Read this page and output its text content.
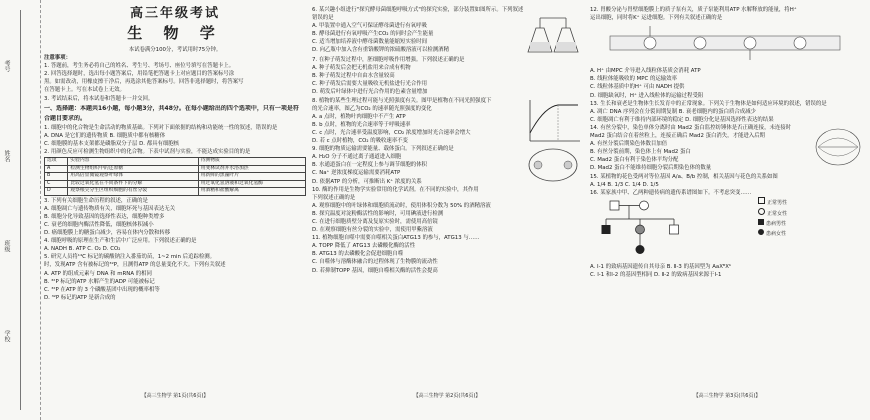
考号
姓名
班级
学校
高三年级考试
生 物 学

本试卷满分100分，考试用时75分钟。

注意事项：

1. 答题前，考生务必将自己的姓名、考生号、考场号、座位号填写在答题卡上。

2. 回答选择题时，选出每小题答案后，用铅笔把答题卡上对应题目的答案标号涂

黑。如需改动，用橡皮擦干净后，再选涂其他答案标号。回答非选择题时，将答案写

在答题卡上。写在本试卷上无效。

3. 考试结束后，将本试卷和答题卡一并交回。

一、选择题：本题共16小题，每小题3分，共48分。在每小题给出的四个选项中，只有一项是符

合题目要求的。

1. 细胞中的化合物是生命活动的物质基础。下列对下面依据的结构和功能统一性的叙述，错误的是

A. DNA 是它们的遗传物质 B. 细胞质中都有核糖体

C. 细胞膜的基本支架都是磷脂双分子层 D. 都具有细胞核

2. 用颜色反应可检测生物组织中的化合物。下表中试剂与实验，不能达成实验目的的是

选项	实验内容	待测物质
A	检测生物组织中的还原糖	用斐林试剂并水浴加热
B	用高倍显微镜观察叶绿体	用新鲜的黑藻叶片
C	比较过氧化氢在不同条件下的分解	用过氧化氢溶液和过氧化氢酶
D	观察根尖分生区组织细胞的有丝分裂	用酒精和盐酸解离

3. 下列有关细胞生命历程的叙述，正确的是

A. 细胞凋亡与遗传物质有关，细胞坏死与基因表达无关

B. 细胞分化导致基因的选择性表达，细胞种类增多

C. 衰老的细胞内酶活性降低，细胞核体积减小

D. 癌细胞膜上的糖蛋白减少，容易在体内分散和转移

4. 细胞呼吸的原理在生产和生活中广泛应用。下列叙述正确的是

A. NADH B. ATP C. O₂ D. CO₂

5. 研究人员将¹⁴C 标记的碳酸钠注入番茄幼苗，1~2 min 后追踪检测。

时，发现ATP 含有被标记的³²P，且测得ATP 的总量变化不大。下列有关叙述

A. ATP 的组成元素与 DNA 和 mRNA 的相同

B. ³²P 标记的ATP 水解产生的ADP 可能被标记

C. ³²P 在ATP 的 3 个磷酸基团中出现的概率相等

D. ³²P 标记的ATP 是新合成的

【高三生物学 第1页(共6页)】

6. 某兴趣小组进行"探究酵母菌细胞呼吸方式"的探究实验，部分装置如图所示。下列叙述

错误的是

A. 甲装置中通入空气可保证酵母菌进行有氧呼吸

B. 酵母菌进行有氧呼吸产生CO₂ 的同时会产生能量

C. 适当增加培养液中酵母菌数量能缩短实验时间

D. 向乙瓶中加入含有重铬酸钾的浓硫酸溶液可以检测酒精

7. 在种子萌发过程中，胚细胞呼吸作用增强。下列叙述正确的是

A. 种子萌发后会把无机盐用来合成有机物

B. 种子萌发过程中自由水含量较高

C. 种子萌发后需要大量吸收无机盐进行光合作用

D. 萌发后叶绿体中进行光合作用的色素含量增加

8. 植物的某些生理过程可能与光照强度有关。图甲是植物在不同光照强度下

的光合速率，图乙为CO₂ 的速率随光照强度的变化

A. a 点时，植物叶肉细胞中不产生 ATP

B. b 点时，植物的光合速率等于呼吸速率

C. c 点时，光合速率受温度影响，CO₂ 浓度增加时光合速率会增大

D. 若 c 点时植物，CO₂ 的吸收速率不变

9. 细胞的物质运输需要能量、载体蛋白。下列叙述正确的是

A. H₂O 分子不通过离子通道进入细胞

B. 水通道蛋白在一定程度上参与调节细胞的体积

C. Na⁺ 逆浓度梯度运输需要消耗ATP

D. 依据ATP 的分析，可推断出 K⁺ 浓度的关系

10. 酶的作用是生物学实验常用的化学试剂。在不同的实验中，其作用

下列叙述正确的是

A. 观察细胞中的叶绿体和细胞质流动时，使用体积分数为 50% 的酒精溶液

B. 探究温度对淀粉酶活性的影响时，可用碘液进行检测

C. 在进行细胞质壁分离及复原实验时，需使用高倍镜

D. 在观察细胞有丝分裂的实验中，需使用甲紫溶液

11. 植物细胞自噬中需要自噬相关蛋白ATG13 的参与，ATG13 与……

A. TOPP 降低了 ATG13 去磷酸化酶的活性

B. ATG13 的去磷酸化会促进细胞自噬

C. 自噬体与溶酶体融合的过程体现了生物膜的流动性

D. 若抑制TOPP 基因，细胞自噬相关酶的活性会提高

【高三生物学 第2页(共6页)】

12. 胃酸分泌与胃壁细胞膜上的质子泵有关，质子泵能利用ATP 水解释放的能量，将H⁺

运出细胞，同时将K⁺ 运进细胞。下列有关叙述正确的是

A. H⁺ 由MPC 介导进入线粒体基质会消耗 ATP

B. 线粒体能吸收的 MPC 的运输效率

C. 线粒体基质中的H⁺ 可由 NADH 提供

D. 细胞缺氧时，H⁺ 进入线粒体的运输过程受阻

13. 生长和衰老是生物体生长发育中的正常现象。下列关于生物体是如何适应环境的叙述，错误的是

A. 凋亡 DNA 序列会在分裂间期复制 B. 衰老细胞内的蛋白质合成减少

C. 细胞凋亡有利于维持内部环境的稳定 D. 细胞分化是基因选择性表达的结果

14. 有丝分裂中，染色单体分离时由 Mad2 蛋白监控纺锤体是否正确连接，未连接时

Mad2 蛋白结合在着丝粒上，连接正确后 Mad2 蛋白消失，才能进入后期

A. 有丝分裂后期染色体数目加倍

B. 有丝分裂前期，染色体上有 Mad2 蛋白

C. Mad2 蛋白有利于染色体平均分配

D. Mad2 蛋白不能维持细胞分裂后期染色体的数量

15. 某植物的花色受两对等位基因 A/a、B/b 控制，相关基因与花色的关系如图

A. 1/4 B. 1/3 C. 1/4 D. 1/5

16. 某家族中甲、乙两种遗传病的遗传系谱图如下。不考虑突变……

正常男性
正常女性
患病男性
患病女性

A. Ⅰ-1 的致病基因遗传自其母亲 B. Ⅱ-3 的基因型为 AaXᴮXᵇ

C. Ⅰ-1 和Ⅰ-2 的基因型相同 D. Ⅱ-2 的致病基因来源于Ⅰ-1

【高三生物学 第3页(共6页)】
